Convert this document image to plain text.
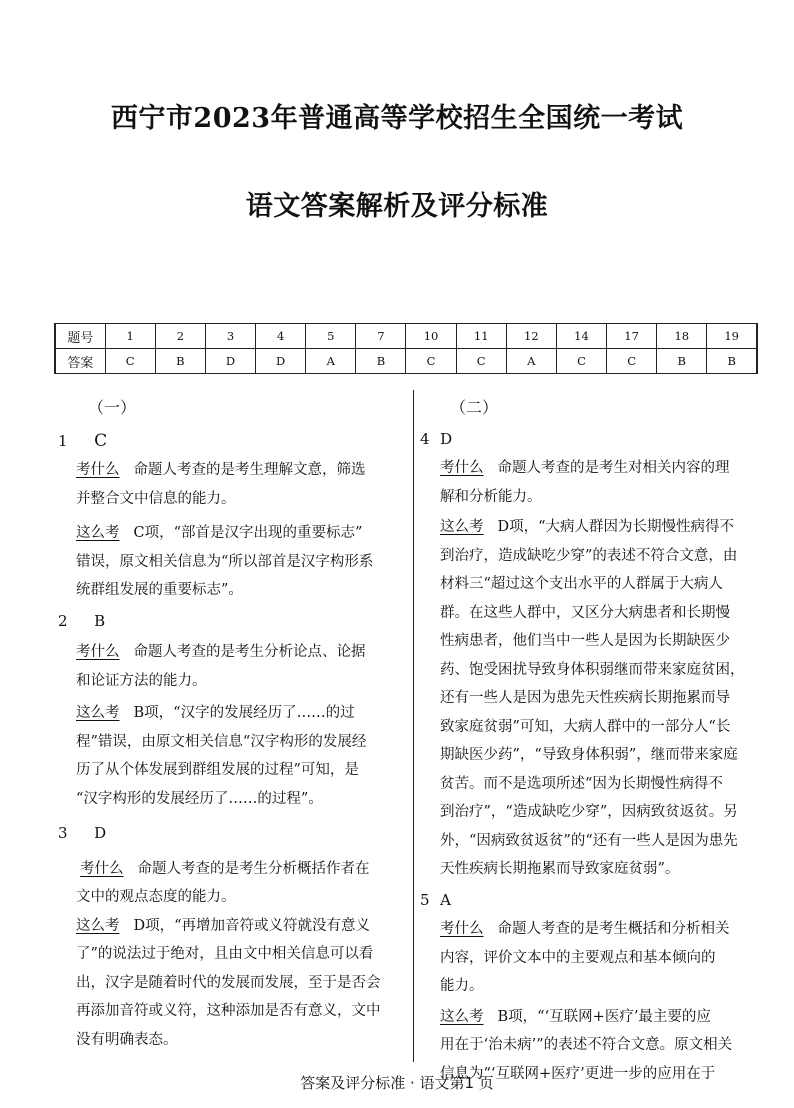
西宁市2023年普通高等学校招生全国统一考试
语文答案解析及评分标准
题号	1	2	3	4	5	7	10	11	12	14	17	18	19
答案	C	B	D	D	A	B	C	C	A	C	C	B	B

（一）

1 C

考什么 命题人考查的是考生理解文意，筛选

并整合文中信息的能力。

这么考 C项，“部首是汉字出现的重要标志”

错误，原文相关信息为“所以部首是汉字构形系

统群组发展的重要标志”。

2 B

考什么 命题人考查的是考生分析论点、论据

和论证方法的能力。

这么考 B项，“汉字的发展经历了……的过

程”错误，由原文相关信息“汉字构形的发展经

历了从个体发展到群组发展的过程”可知，是

“汉字构形的发展经历了……的过程”。

3 D

考什么 命题人考查的是考生分析概括作者在

文中的观点态度的能力。

这么考 D项，“再增加音符或义符就没有意义

了”的说法过于绝对，且由文中相关信息可以看

出，汉字是随着时代的发展而发展，至于是否会

再添加音符或义符，这种添加是否有意义，文中

没有明确表态。

（二）

4 D

考什么 命题人考查的是考生对相关内容的理

解和分析能力。

这么考 D项，“大病人群因为长期慢性病得不

到治疗，造成缺吃少穿”的表述不符合文意，由

材料三“超过这个支出水平的人群属于大病人

群。在这些人群中，又区分大病患者和长期慢

性病患者，他们当中一些人是因为长期缺医少

药、饱受困扰导致身体积弱继而带来家庭贫困，

还有一些人是因为患先天性疾病长期拖累而导

致家庭贫弱”可知，大病人群中的一部分人“长

期缺医少药”，“导致身体积弱”，继而带来家庭

贫苦。而不是选项所述“因为长期慢性病得不

到治疗”，“造成缺吃少穿”，因病致贫返贫。另

外，“因病致贫返贫”的“还有一些人是因为患先

天性疾病长期拖累而导致家庭贫弱”。

5 A

考什么 命题人考查的是考生概括和分析相关

内容，评价文本中的主要观点和基本倾向的

能力。

这么考 B项，“‘互联网+医疗’最主要的应

用在于‘治未病’”的表述不符合文意。原文相关

信息为“‘互联网+医疗’更进一步的应用在于

答案及评分标准 · 语文第1 页
